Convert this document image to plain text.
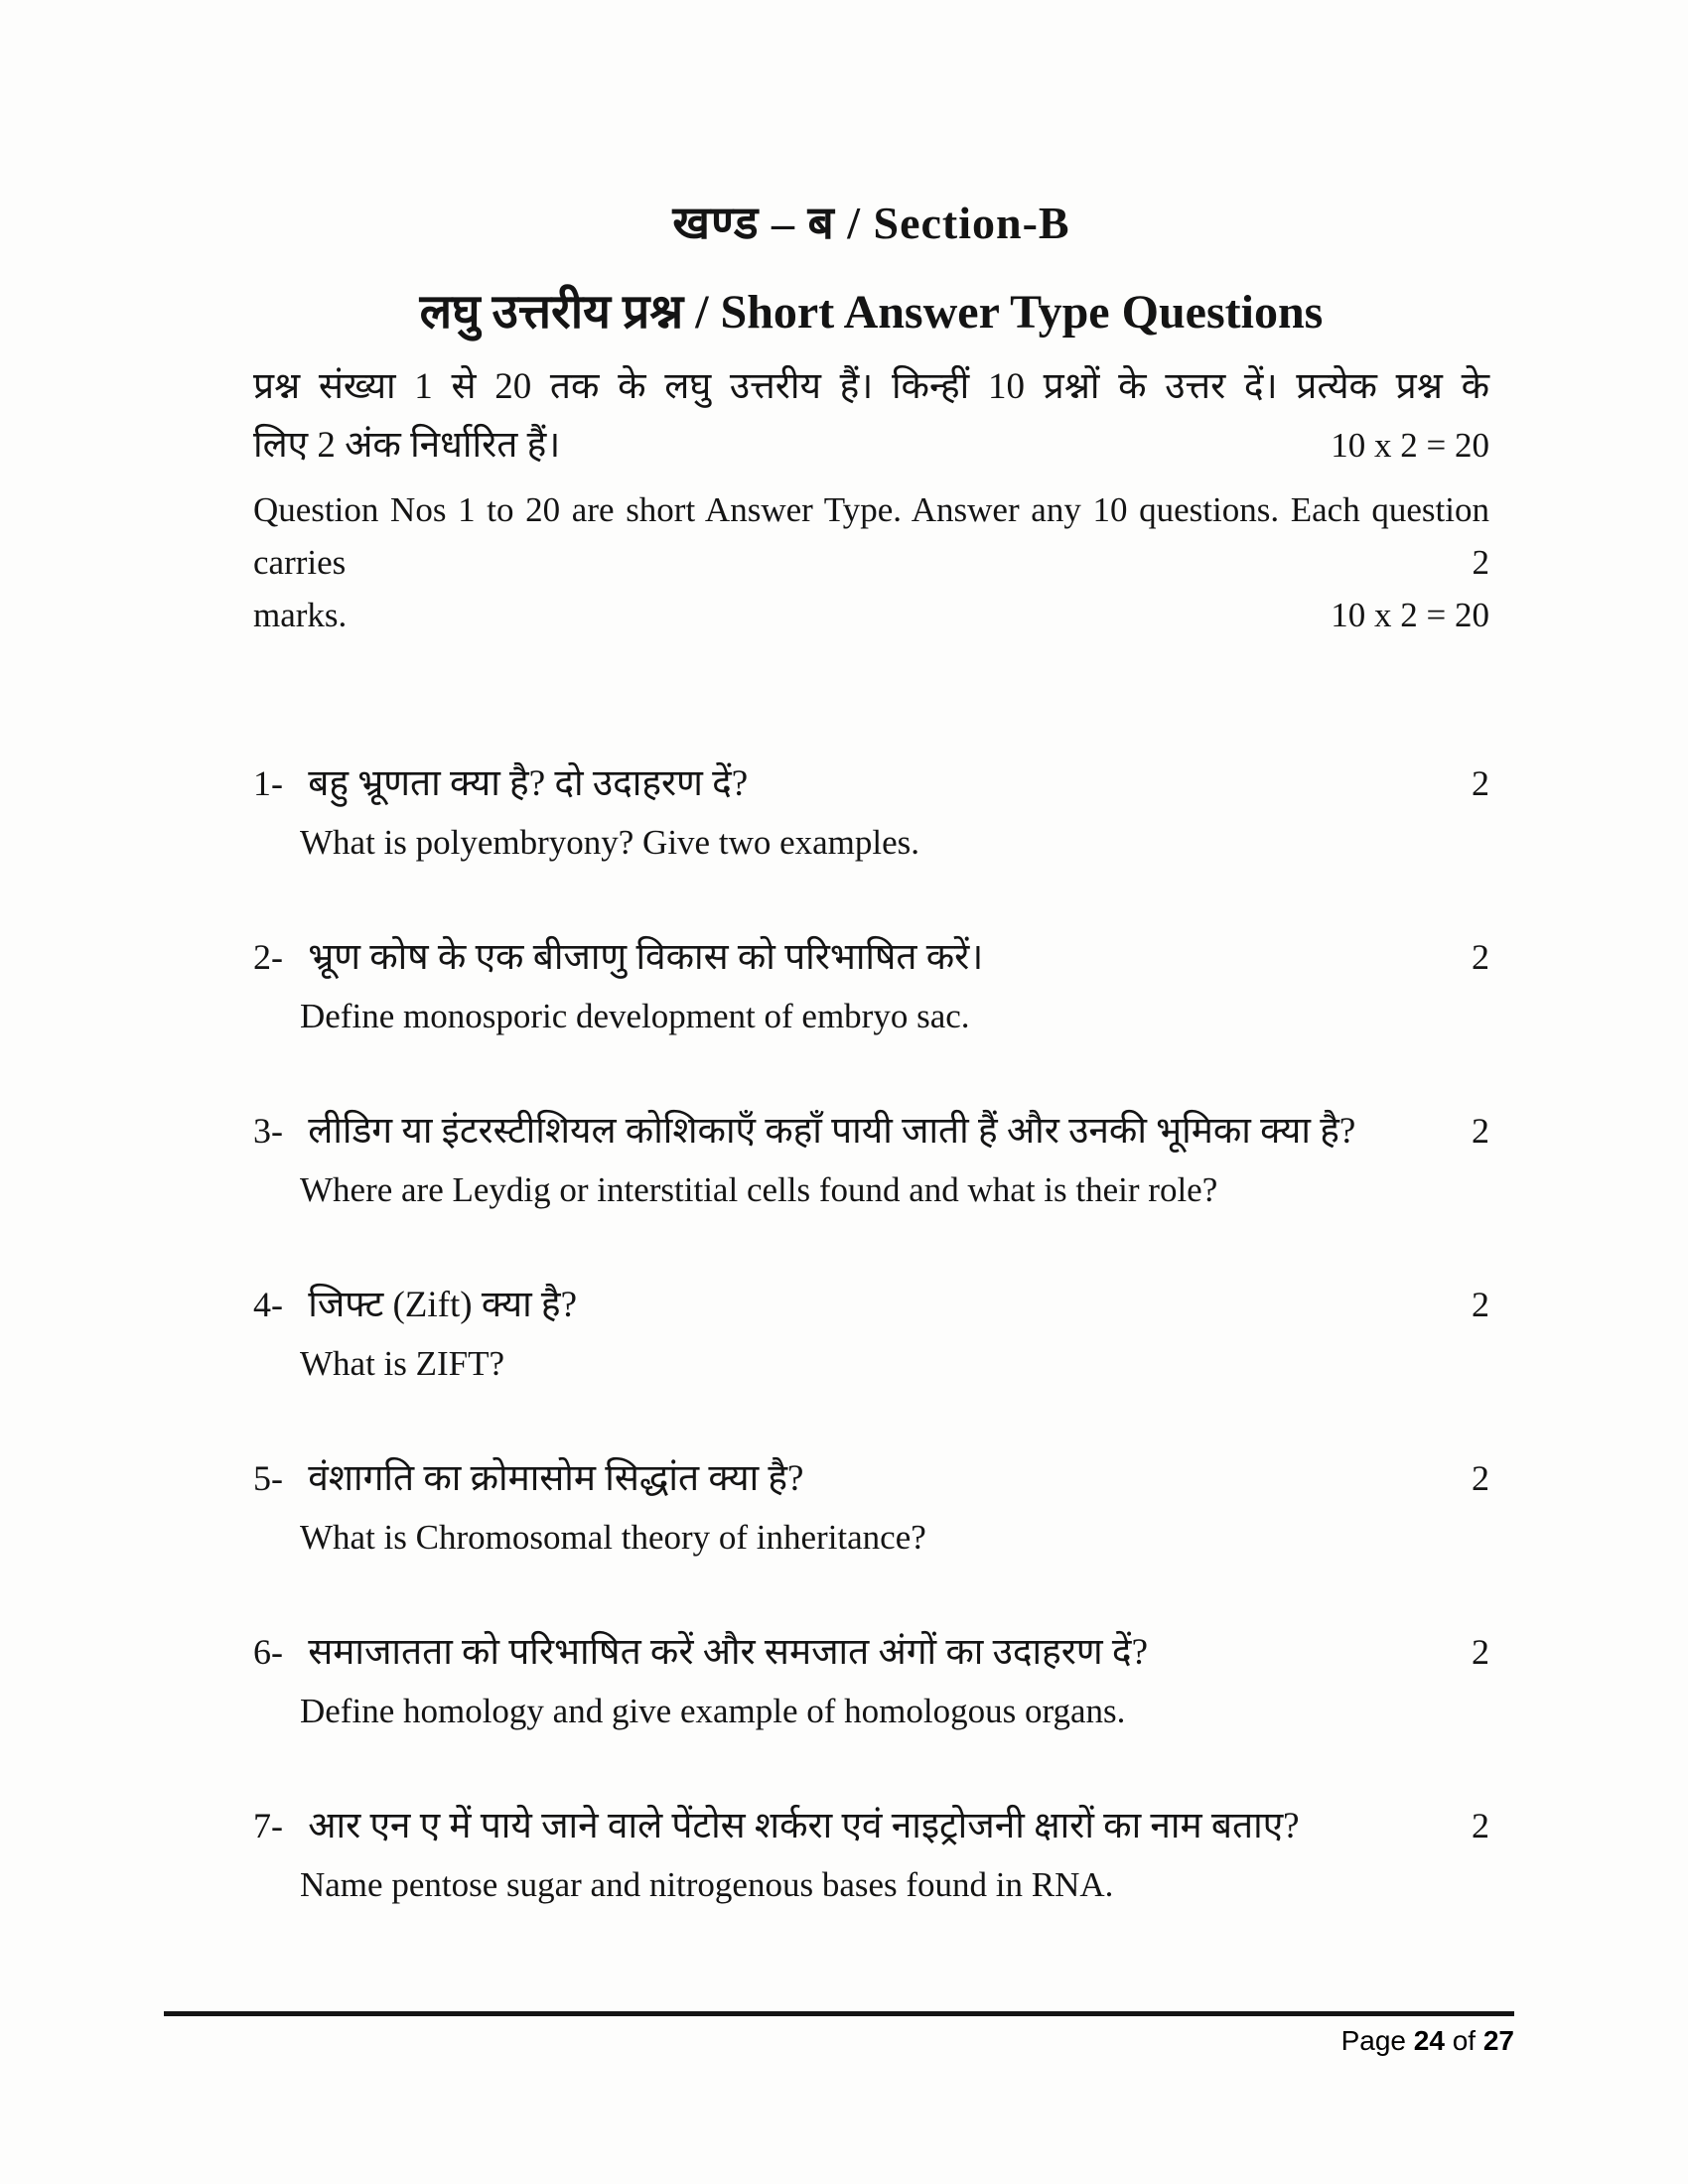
खण्ड – ब / Section-B
लघु उत्तरीय प्रश्न / Short Answer Type Questions
प्रश्न संख्या 1 से 20 तक के लघु उत्तरीय हैं। किन्हीं 10 प्रश्नों के उत्तर दें। प्रत्येक प्रश्न के
लिए 2 अंक निर्धारित हैं।	10 x 2 = 20
Question Nos 1 to 20 are short Answer Type. Answer any 10 questions. Each question carries 2
marks.	10 x 2 = 20
1- बहु भ्रूणता क्या है? दो उदाहरण दें?	2
What is polyembryony? Give two examples.
2- भ्रूण कोष के एक बीजाणु विकास को परिभाषित करें।	2
Define monosporic development of embryo sac.
3- लीडिग या इंटरस्टीशियल कोशिकाएँ कहाँ पायी जाती हैं और उनकी भूमिका क्या है?	2
Where are Leydig or interstitial cells found and what is their role?
4- जिफ्ट (Zift) क्या है?	2
What is ZIFT?
5- वंशागति का क्रोमासोम सिद्धांत क्या है?	2
What is Chromosomal theory of inheritance?
6- समाजातता को परिभाषित करें और समजात अंगों का उदाहरण दें?	2
Define homology and give example of homologous organs.
7- आर एन ए में पाये जाने वाले पेंटोस शर्करा एवं नाइट्रोजनी क्षारों का नाम बताए?	2
Name pentose sugar and nitrogenous bases found in RNA.
Page 24 of 27
